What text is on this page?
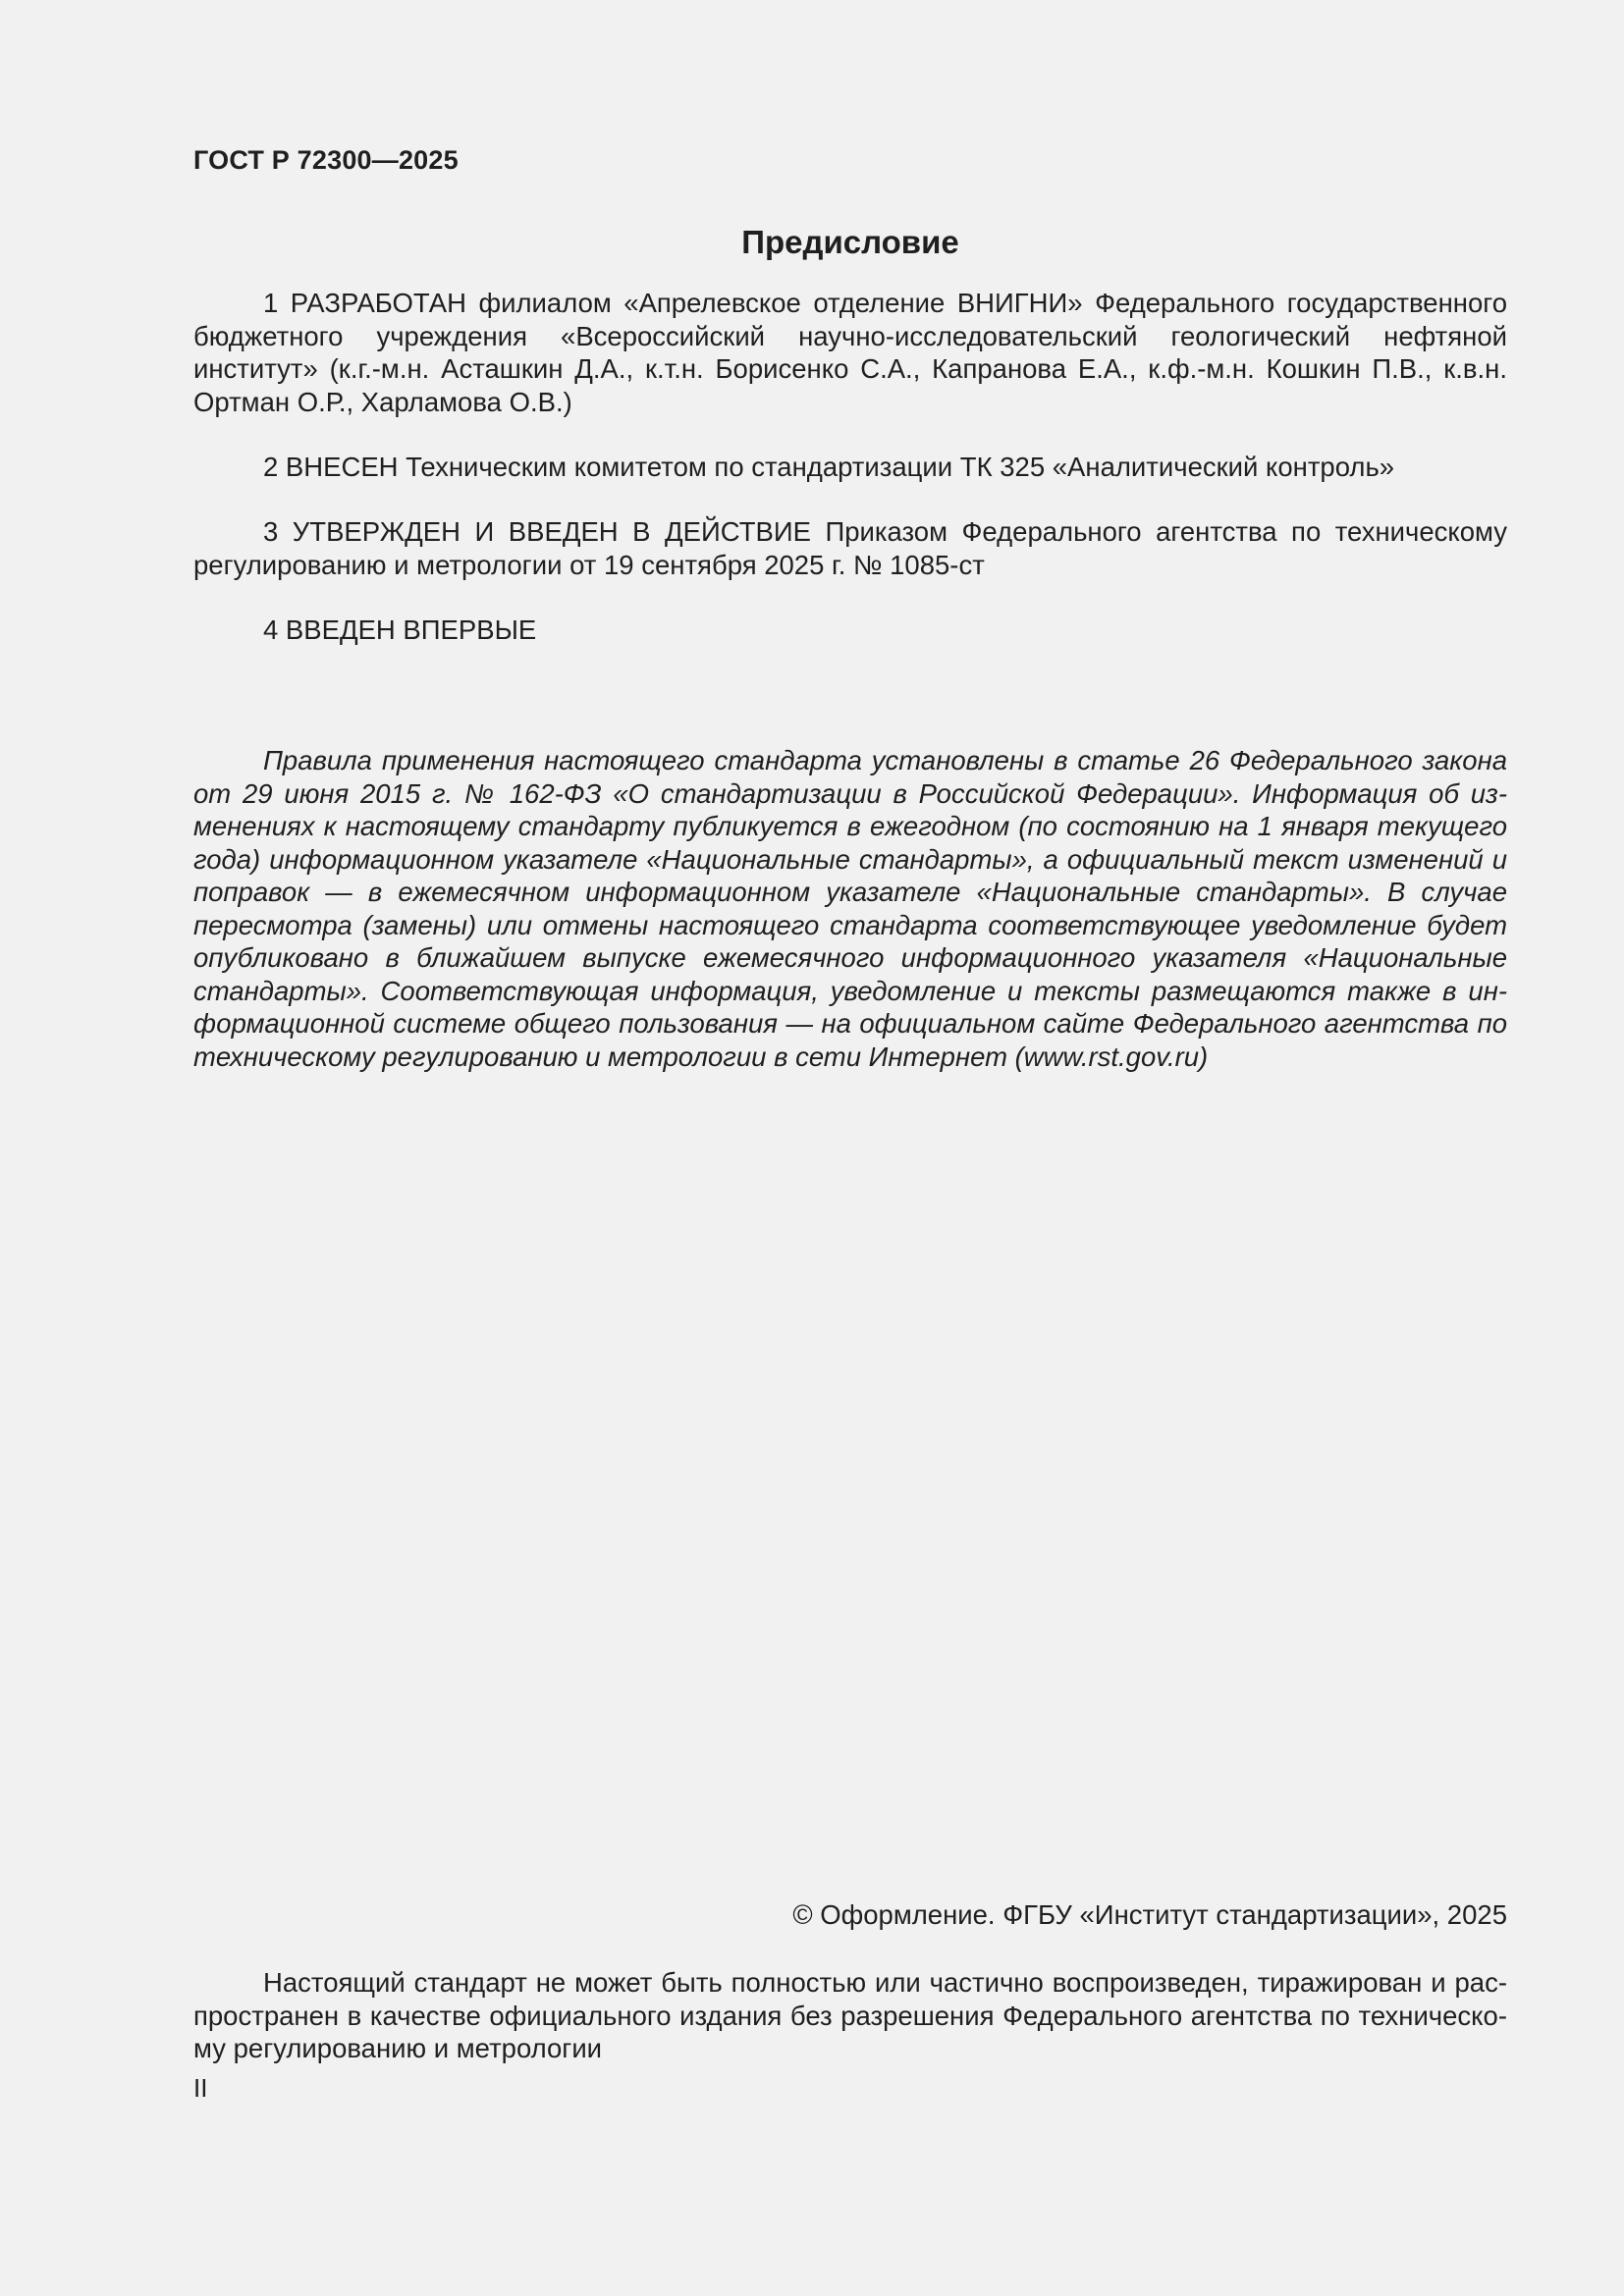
ГОСТ Р 72300—2025
Предисловие

1 РАЗРАБОТАН филиалом «Апрелевское отделение ВНИГНИ» Федерального государственного бюджетного учреждения «Всероссийский научно-исследовательский геологический нефтяной институт» (к.г.-м.н. Асташкин Д.А., к.т.н. Борисенко С.А., Капранова Е.А., к.ф.-м.н. Кошкин П.В., к.в.н. Ортман О.Р., Харламова О.В.)

2 ВНЕСЕН Техническим комитетом по стандартизации ТК 325 «Аналитический контроль»

3 УТВЕРЖДЕН И ВВЕДЕН В ДЕЙСТВИЕ Приказом Федерального агентства по техническому регулированию и метрологии от 19 сентября 2025 г. № 1085-ст

4 ВВЕДЕН ВПЕРВЫЕ

Правила применения настоящего стандарта установлены в статье 26 Федерального закона от 29 июня 2015 г. № 162-ФЗ «О стандартизации в Российской Федерации». Информация об изменениях к настоящему стандарту публикуется в ежегодном (по состоянию на 1 января текущего года) информационном указателе «Национальные стандарты», а официальный текст изменений и поправок — в ежемесячном информационном указателе «Национальные стандарты». В случае пересмотра (замены) или отмены настоящего стандарта соответствующее уведомление будет опубликовано в ближайшем выпуске ежемесячного информационного указателя «Национальные стандарты». Соответствующая информация, уведомление и тексты размещаются также в информационной системе общего пользования — на официальном сайте Федерального агентства по техническому регулированию и метрологии в сети Интернет (www.rst.gov.ru)

© Оформление. ФГБУ «Институт стандартизации», 2025

Настоящий стандарт не может быть полностью или частично воспроизведен, тиражирован и распространен в качестве официального издания без разрешения Федерального агентства по техническому регулированию и метрологии

II
